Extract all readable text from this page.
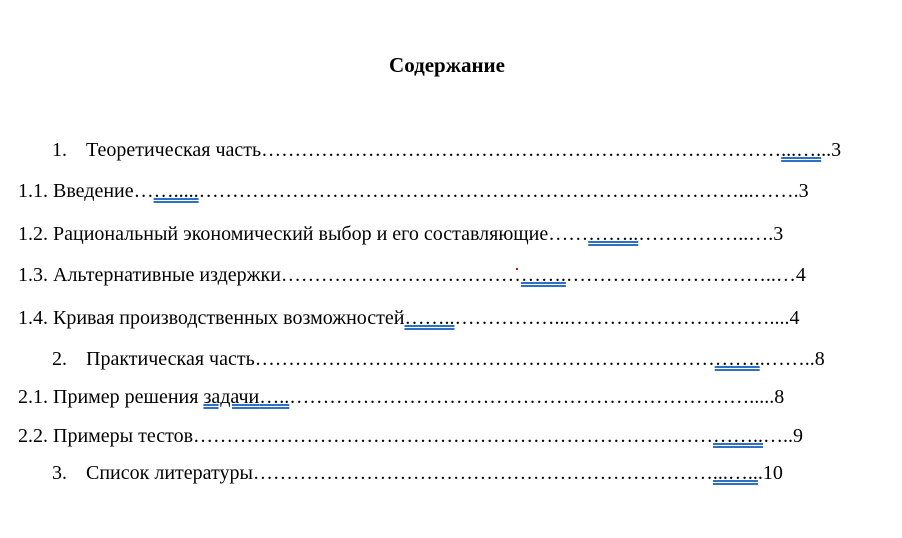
Содержание
1. Теоретическая часть……………………………………………………………………...…...3
1.1. Введение…….....………………………………………………………………………...…….3
1.2. Рациональный экономический выбор и его составляющие…………..……………..….3
1.3. Альтернативные издержки…………………………………….…………………………..…4
1.4. Кривая производственных возможностей……..……………...…………………………....4
2. Практическая часть…………………………………………………………………..……..8
2.1. Пример решения задачи…..…………………………………………………………….....8
2.2. Примеры тестов…………………………………………………………………………..…..9
3. Список литературы……………………………………………………………...…...10
